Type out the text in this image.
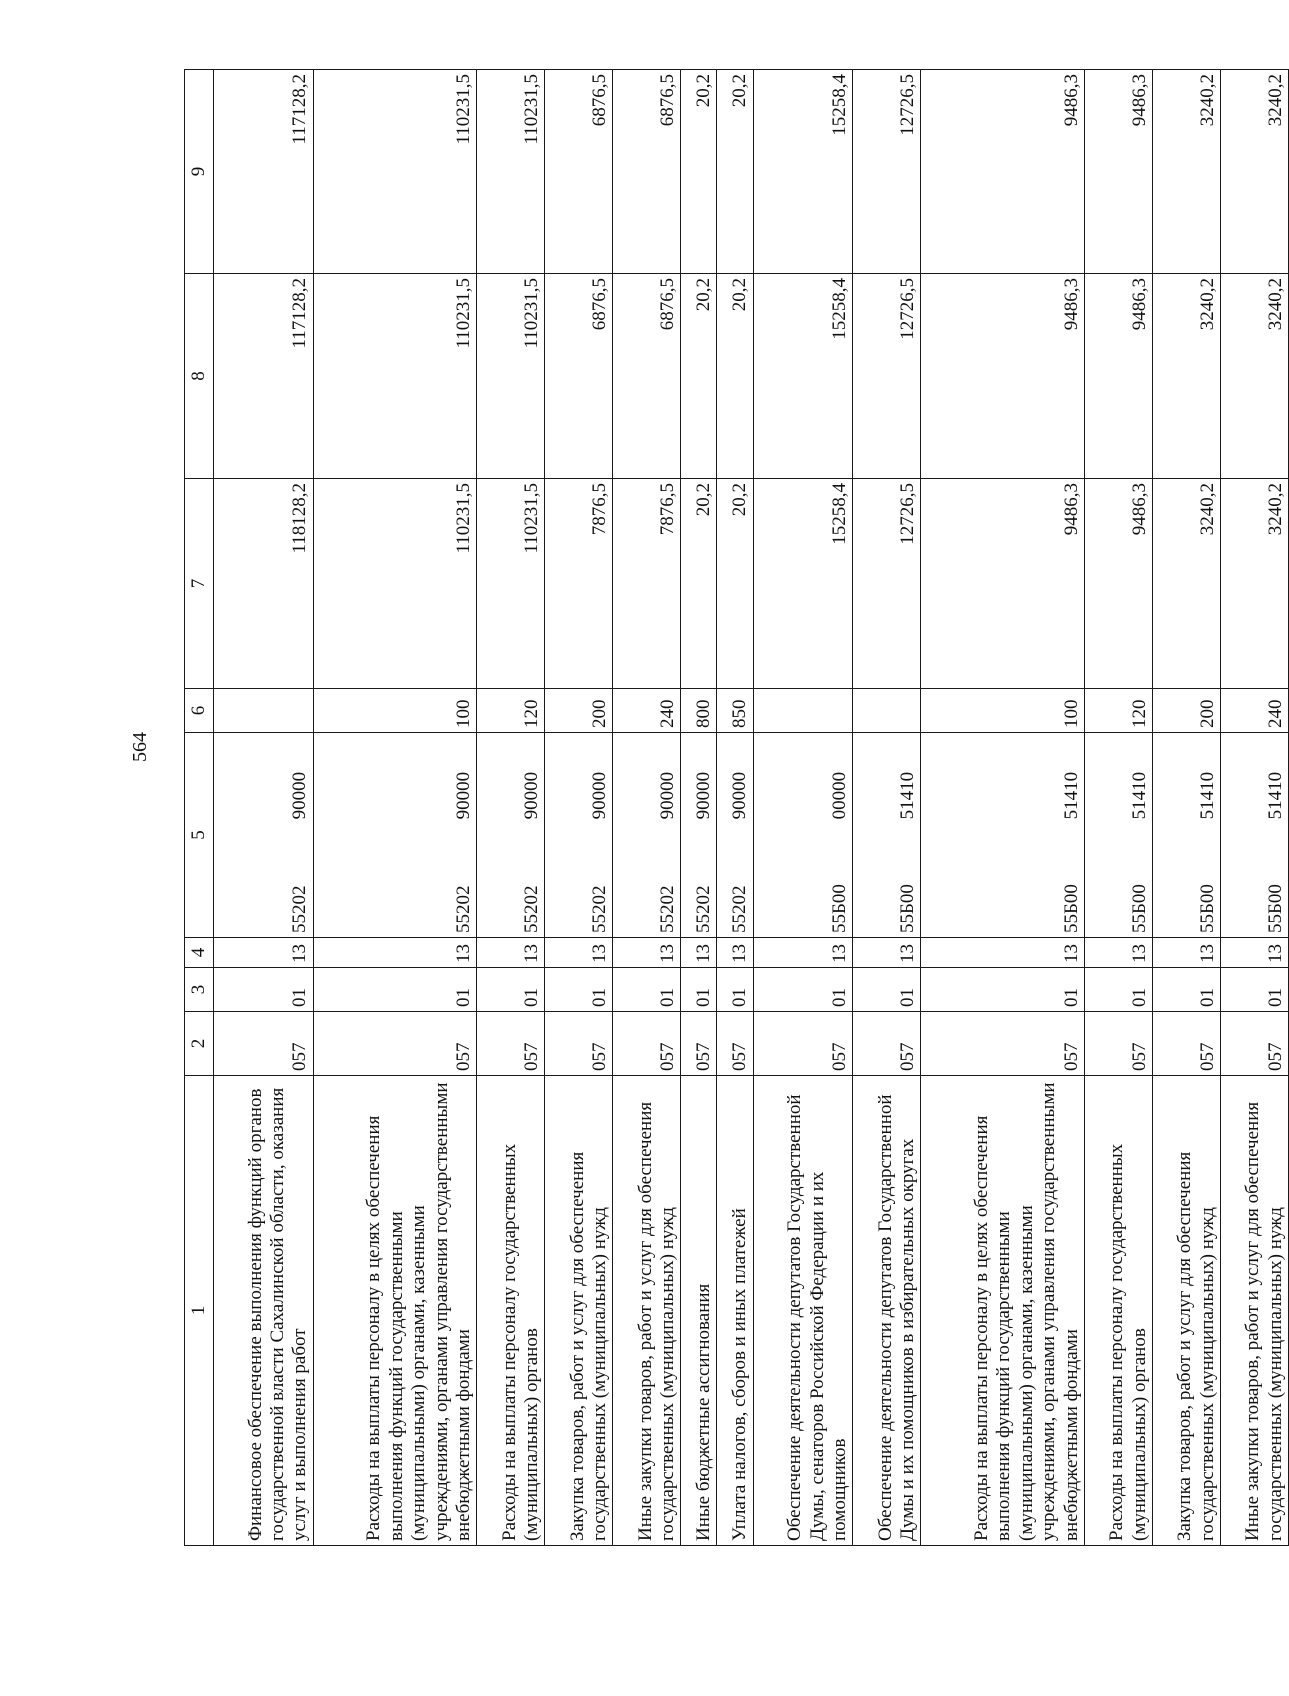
564
1	2	3	4	5	6	7	8	9
Финансовое обеспечение выполнения функций органов государственной власти Сахалинской области, оказания услуг и выполнения работ	057	01	13	5520290000		118128,2	117128,2	117128,2
Расходы на выплаты персоналу в целях обеспечения выполнения функций государственными (муниципальными) органами, казенными учреждениями, органами управления государственными внебюджетными фондами	057	01	13	5520290000	100	110231,5	110231,5	110231,5
Расходы на выплаты персоналу государственных (муниципальных) органов	057	01	13	5520290000	120	110231,5	110231,5	110231,5
Закупка товаров, работ и услуг для обеспечения государственных (муниципальных) нужд	057	01	13	5520290000	200	7876,5	6876,5	6876,5
Иные закупки товаров, работ и услуг для обеспечения государственных (муниципальных) нужд	057	01	13	5520290000	240	7876,5	6876,5	6876,5
Иные бюджетные ассигнования	057	01	13	5520290000	800	20,2	20,2	20,2
Уплата налогов, сборов и иных платежей	057	01	13	5520290000	850	20,2	20,2	20,2
Обеспечение деятельности депутатов Государственной Думы, сенаторов Российской Федерации и их помощников	057	01	13	55Б0000000		15258,4	15258,4	15258,4
Обеспечение деятельности депутатов Государственной Думы и их помощников в избирательных округах	057	01	13	55Б0051410		12726,5	12726,5	12726,5
Расходы на выплаты персоналу в целях обеспечения выполнения функций государственными (муниципальными) органами, казенными учреждениями, органами управления государственными внебюджетными фондами	057	01	13	55Б0051410	100	9486,3	9486,3	9486,3
Расходы на выплаты персоналу государственных (муниципальных) органов	057	01	13	55Б0051410	120	9486,3	9486,3	9486,3
Закупка товаров, работ и услуг для обеспечения государственных (муниципальных) нужд	057	01	13	55Б0051410	200	3240,2	3240,2	3240,2
Иные закупки товаров, работ и услуг для обеспечения государственных (муниципальных) нужд	057	01	13	55Б0051410	240	3240,2	3240,2	3240,2
